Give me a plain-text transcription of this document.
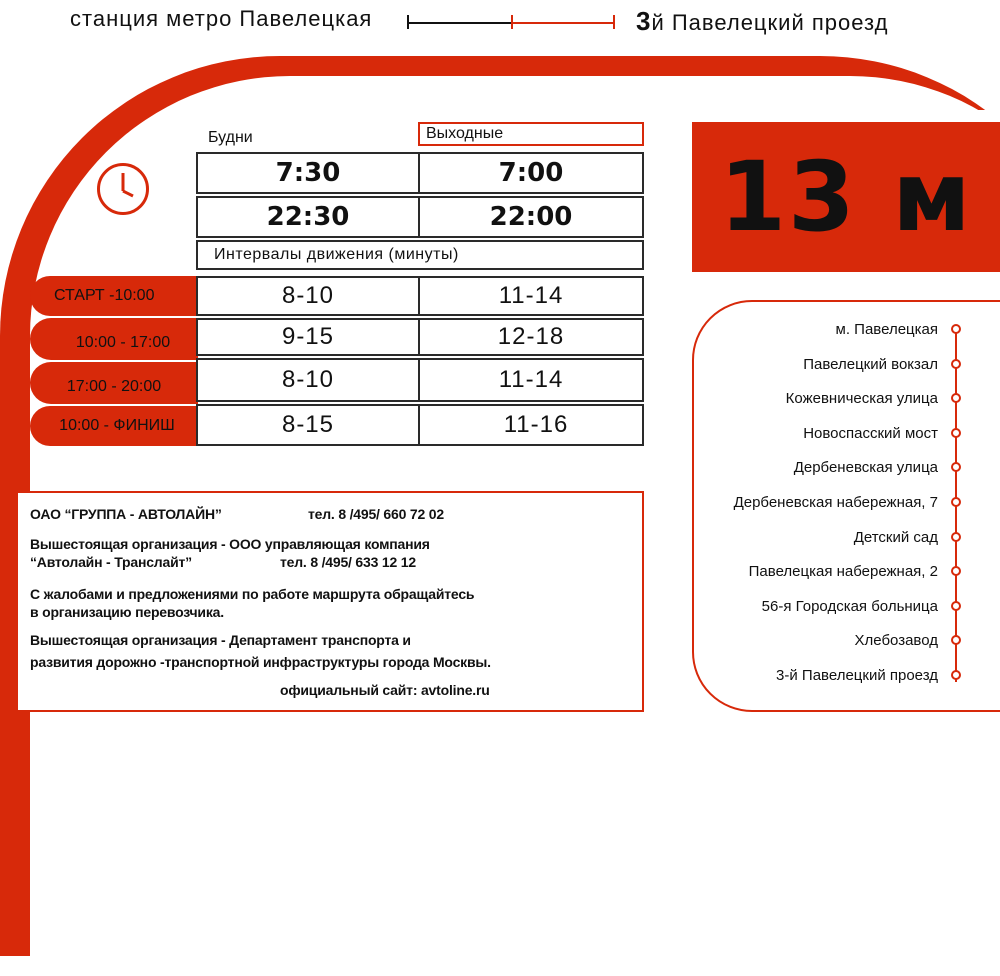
станция метро Павелецкая	3й Павелецкий проезд
13 м
Будни	Выходные
7:30	7:00
22:30	22:00
Интервалы движения (минуты)
СТАРТ -10:00	8-10	11-14
10:00 - 17:00	9-15	12-18
17:00 - 20:00	8-10	11-14
10:00 - ФИНИШ	8-15	11-16

ОАО “ГРУППА - АВТОЛАЙН”	тел. 8 /495/ 660 72 02

Вышестоящая организация - ООО управляющая компания

“Автолайн - Транслайт”	тел. 8 /495/ 633 12 12

С жалобами и предложениями по работе маршрута обращайтесь

в организацию перевозчика.

Вышестоящая организация - Департамент транспорта и

развития дорожно -транспортной инфраструктуры города Москвы.

официальный сайт: avtoline.ru

м. Павелецкая
Павелецкий вокзал
Кожевническая улица
Новоспасский мост
Дербеневская улица
Дербеневская набережная, 7
Детский сад
Павелецкая набережная, 2
56-я Городская больница
Хлебозавод
3-й Павелецкий проезд
